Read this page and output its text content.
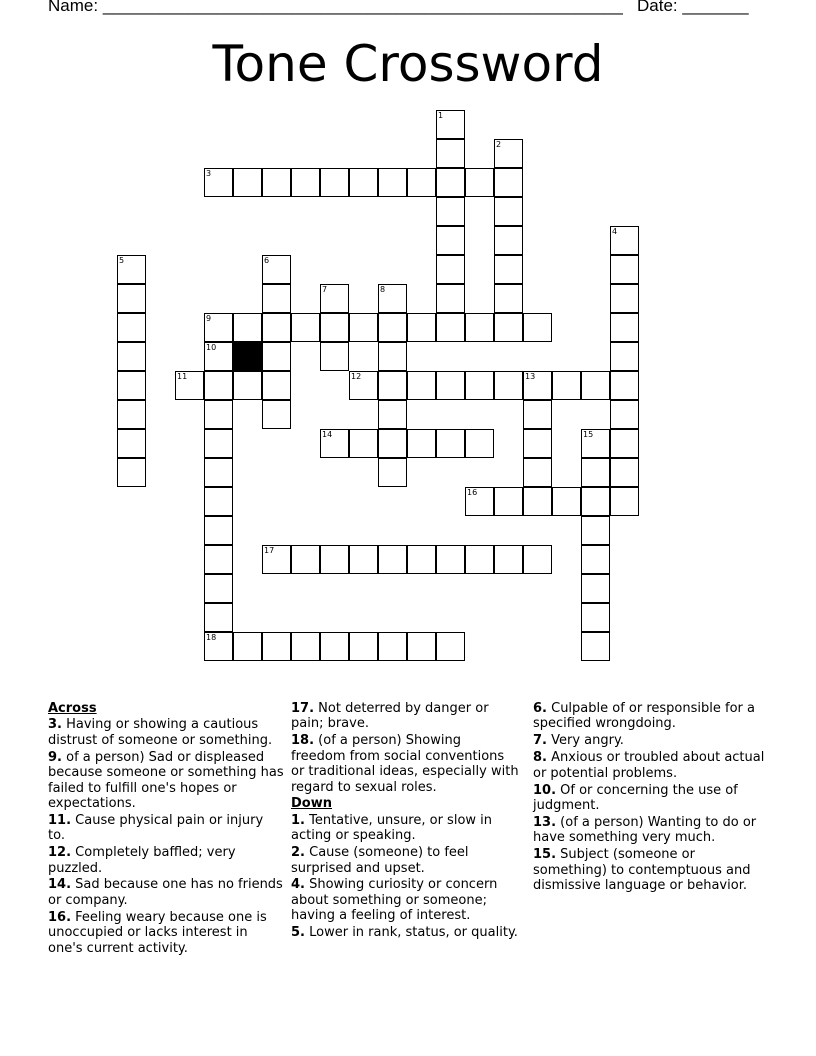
Name: _______________________________________________________ Date: _______
Tone Crossword
1
2
3
4
5	6
7	8
9
10
18
11	12	13
14	15
16
17
Across
3. Having or showing a cautious distrust of someone or something.
9. of a person) Sad or displeased because someone or something has failed to fulfill one's hopes or expectations.
11. Cause physical pain or injury to.
12. Completely baffled; very puzzled.
14. Sad because one has no friends or company.
16. Feeling weary because one is unoccupied or lacks interest in one's current activity.
17. Not deterred by danger or pain; brave.
18. (of a person) Showing freedom from social conventions or traditional ideas, especially with regard to sexual roles.
Down
1. Tentative, unsure, or slow in acting or speaking.
2. Cause (someone) to feel surprised and upset.
4. Showing curiosity or concern about something or someone; having a feeling of interest.
5. Lower in rank, status, or quality.
6. Culpable of or responsible for a specified wrongdoing.
7. Very angry.
8. Anxious or troubled about actual or potential problems.
10. Of or concerning the use of judgment.
13. (of a person) Wanting to do or have something very much.
15. Subject (someone or something) to contemptuous and dismissive language or behavior.
